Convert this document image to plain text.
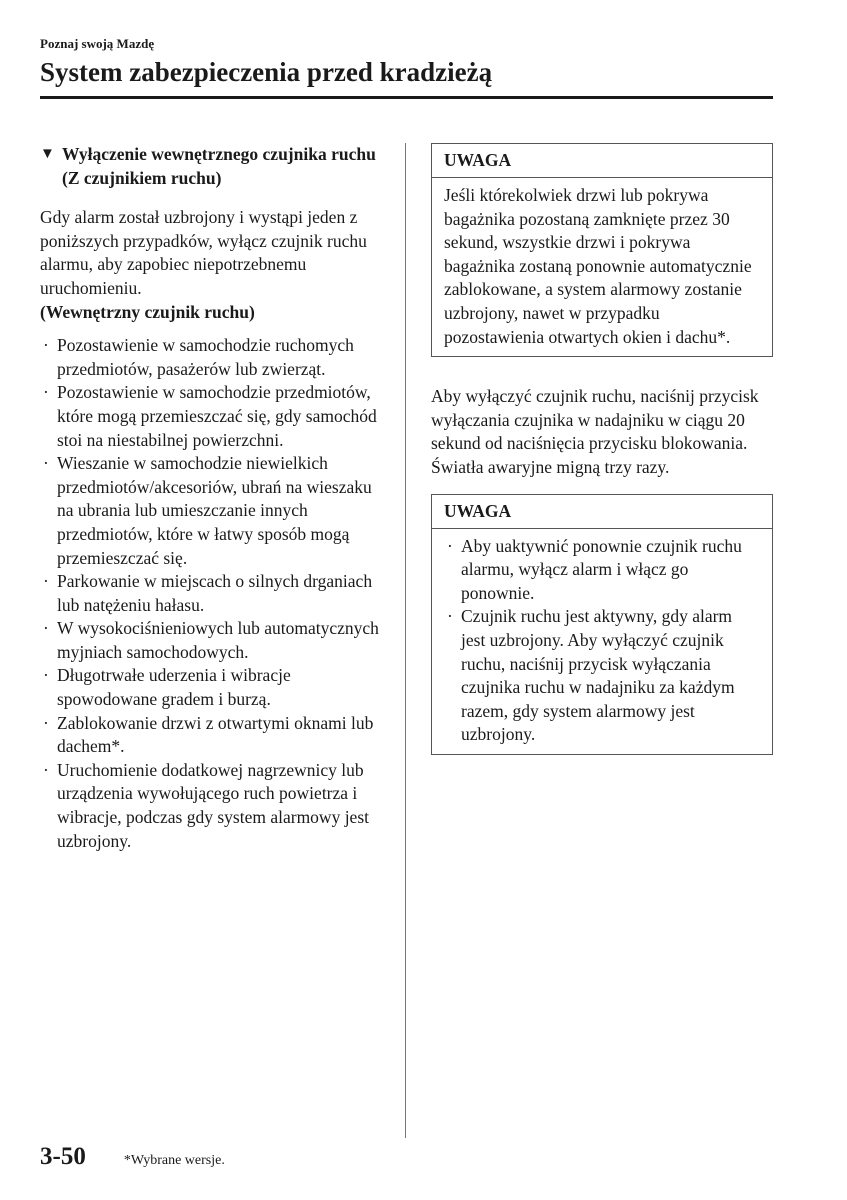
Poznaj swoją Mazdę
System zabezpieczenia przed kradzieżą
▼ Wyłączenie wewnętrznego czujnika ruchu (Z czujnikiem ruchu)

Gdy alarm został uzbrojony i wystąpi jeden z poniższych przypadków, wyłącz czujnik ruchu alarmu, aby zapobiec niepotrzebnemu uruchomieniu.

(Wewnętrzny czujnik ruchu)

· Pozostawienie w samochodzie ruchomych przedmiotów, pasażerów lub zwierząt.
· Pozostawienie w samochodzie przedmiotów, które mogą przemieszczać się, gdy samochód stoi na niestabilnej powierzchni.
· Wieszanie w samochodzie niewielkich przedmiotów/akcesoriów, ubrań na wieszaku na ubrania lub umieszczanie innych przedmiotów, które w łatwy sposób mogą przemieszczać się.
· Parkowanie w miejscach o silnych drganiach lub natężeniu hałasu.
· W wysokociśnieniowych lub automatycznych myjniach samochodowych.
· Długotrwałe uderzenia i wibracje spowodowane gradem i burzą.
· Zablokowanie drzwi z otwartymi oknami lub dachem*.
· Uruchomienie dodatkowej nagrzewnicy lub urządzenia wywołującego ruch powietrza i wibracje, podczas gdy system alarmowy jest uzbrojony.
UWAGA
Jeśli którekolwiek drzwi lub pokrywa bagażnika pozostaną zamknięte przez 30 sekund, wszystkie drzwi i pokrywa bagażnika zostaną ponownie automatycznie zablokowane, a system alarmowy zostanie uzbrojony, nawet w przypadku pozostawienia otwartych okien i dachu*.

Aby wyłączyć czujnik ruchu, naciśnij przycisk wyłączania czujnika w nadajniku w ciągu 20 sekund od naciśnięcia przycisku blokowania.
Światła awaryjne migną trzy razy.

UWAGA
· Aby uaktywnić ponownie czujnik ruchu alarmu, wyłącz alarm i włącz go ponownie.
· Czujnik ruchu jest aktywny, gdy alarm jest uzbrojony. Aby wyłączyć czujnik ruchu, naciśnij przycisk wyłączania czujnika ruchu w nadajniku za każdym razem, gdy system alarmowy jest uzbrojony.
3-50	*Wybrane wersje.
